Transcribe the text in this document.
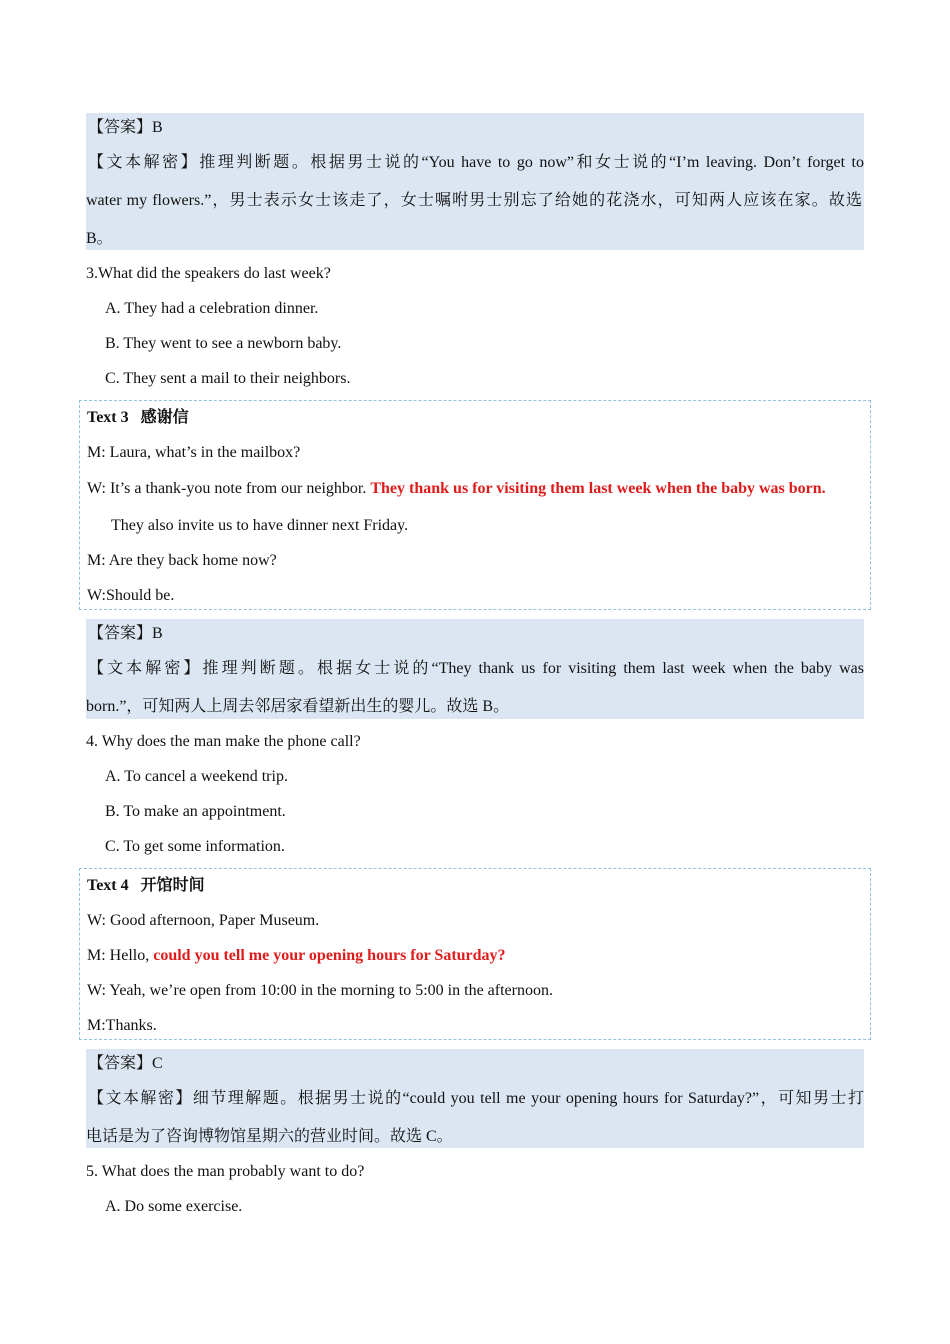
【答案】B
【文本解密】推理判断题。根据男士说的“You have to go now”和女士说的“I’m leaving. Don’t forget to
water my flowers.”，男士表示女士该走了，女士嘱咐男士别忘了给她的花浇水，可知两人应该在家。故选
B。
3.What did the speakers do last week?
A. They had a celebration dinner.
B. They went to see a newborn baby.
C. They sent a mail to their neighbors.
Text 3 感谢信
M: Laura, what’s in the mailbox?
W: It’s a thank-you note from our neighbor. They thank us for visiting them last week when the baby was born.
They also invite us to have dinner next Friday.
M: Are they back home now?
W:Should be.
【答案】B
【文本解密】推理判断题。根据女士说的“They thank us for visiting them last week when the baby was
born.”，可知两人上周去邻居家看望新出生的婴儿。故选 B。
4. Why does the man make the phone call?
A. To cancel a weekend trip.
B. To make an appointment.
C. To get some information.
Text 4 开馆时间
W: Good afternoon, Paper Museum.
M: Hello, could you tell me your opening hours for Saturday?
W: Yeah, we’re open from 10:00 in the morning to 5:00 in the afternoon.
M:Thanks.
【答案】C
【文本解密】细节理解题。根据男士说的“could you tell me your opening hours for Saturday?”，可知男士打
电话是为了咨询博物馆星期六的营业时间。故选 C。
5. What does the man probably want to do?
A. Do some exercise.
